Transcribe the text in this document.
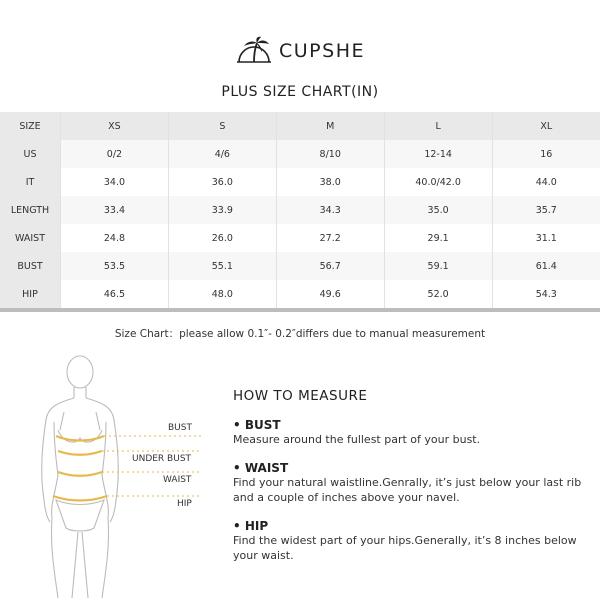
CUPSHE
PLUS SIZE CHART(IN)
SIZE	XS	S	M	L	XL
US	0/2	4/6	8/10	12-14	16
IT	34.0	36.0	38.0	40.0/42.0	44.0
LENGTH	33.4	33.9	34.3	35.0	35.7
WAIST	24.8	26.0	27.2	29.1	31.1
BUST	53.5	55.1	56.7	59.1	61.4
HIP	46.5	48.0	49.6	52.0	54.3
Size Chart：please allow 0.1″- 0.2″differs due to manual measurement
BUST
UNDER BUST
WAIST
HIP
HOW TO MEASURE
• BUST
Measure around the fullest part of your bust.
• WAIST
Find your natural waistline.Genrally, it’s just below your last rib and a couple of inches above your navel.
• HIP
Find the widest part of your hips.Generally, it’s 8 inches below your waist.
